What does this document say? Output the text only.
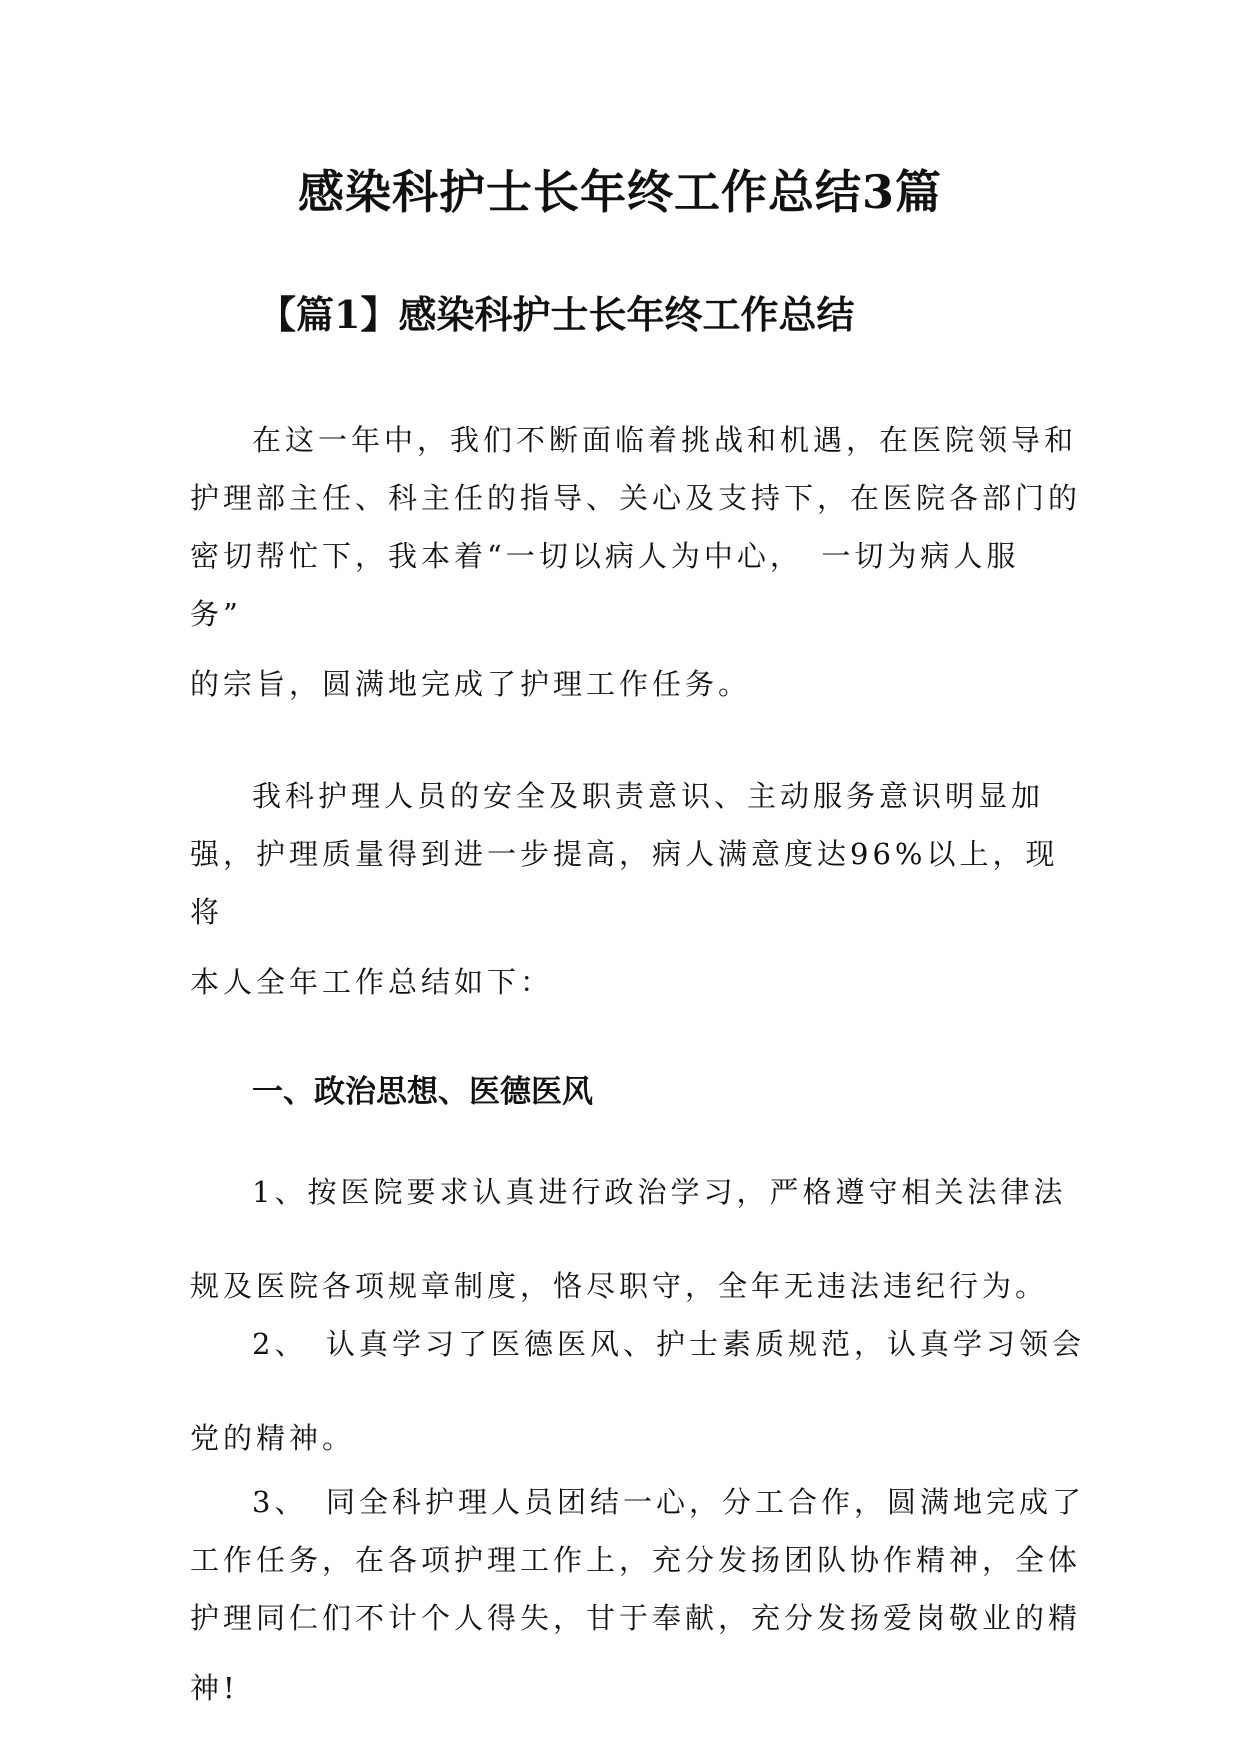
感染科护士长年终工作总结3篇
【篇1】感染科护士长年终工作总结
在这一年中，我们不断面临着挑战和机遇，在医院领导和
护理部主任、科主任的指导、关心及支持下，在医院各部门的
密切帮忙下，我本着“一切以病人为中心，　一切为病人服
务”
的宗旨，圆满地完成了护理工作任务。
我科护理人员的安全及职责意识、主动服务意识明显加
强，护理质量得到进一步提高，病人满意度达96%以上，现
将
本人全年工作总结如下：
一、政治思想、医德医风
1、按医院要求认真进行政治学习，严格遵守相关法律法
规及医院各项规章制度，恪尽职守，全年无违法违纪行为。
2、　认真学习了医德医风、护士素质规范，认真学习领会
党的精神。
3、　同全科护理人员团结一心，分工合作，圆满地完成了
工作任务，在各项护理工作上，充分发扬团队协作精神，全体
护理同仁们不计个人得失，甘于奉献，充分发扬爱岗敬业的精
神!
